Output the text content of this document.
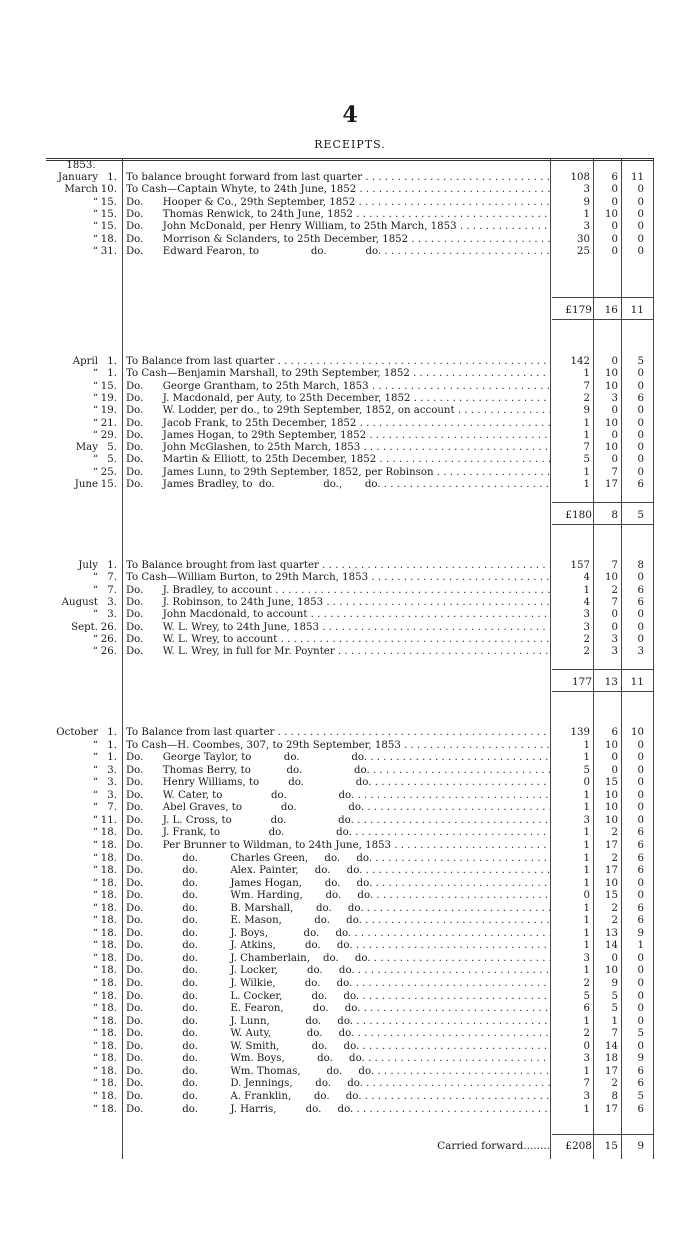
4
RECEIPTS.
1853.
January 1. To balance brought forward from last quarter . . .	108	6	11
March 10. To Cash—Captain Whyte, to 24th June, 1852 . . .	3	0	0
“ 15. Do.      Hooper & Co., 29th September, 1852 . . .	9	0	0
“ 15. Do.      Thomas Renwick, to 24th June, 1852 . . .	1	10	0
“ 15. Do.      John McDonald, per Henry William, to 25th March, 1853 . . .	3	0	0
“ 18. Do.      Morrison & Sclanders, to 25th December, 1852 . . .	30	0	0
“ 31. Do.      Edward Fearon, to                do.            do. . . .	25	0	0
£179	16	11
April 1. To Balance from last quarter . . .	142	0	5
“ 1. To Cash—Benjamin Marshall, to 29th September, 1852 . . .	1	10	0
“ 15. Do.      George Grantham, to 25th March, 1853 . . .	7	10	0
“ 19. Do.      J. Macdonald, per Auty, to 25th December, 1852 . . .	2	3	6
“ 19. Do.      W. Lodder, per do., to 29th September, 1852, on account . . .	9	0	0
“ 21. Do.      Jacob Frank, to 25th December, 1852 . . .	1	10	0
“ 29. Do.      James Hogan, to 29th September, 1852 . . .	1	0	0
May 5. Do.      John McGlashen, to 25th March, 1853 . . .	7	10	0
“ 5. Do.      Martin & Elliott, to 25th December, 1852 . . .	5	0	0
“ 25. Do.      James Lunn, to 29th September, 1852, per Robinson . . .	1	7	0
June 15. Do.      James Bradley, to  do.               do.,       do. . . .	1	17	6
£180	8	5
July 1. To Balance brought from last quarter . . .	157	7	8
“ 7. To Cash—William Burton, to 29th March, 1853 . . .	4	10	0
“ 7. Do.      J. Bradley, to account . . .	1	2	6
August 3. Do.      J. Robinson, to 24th June, 1853 . . .	4	7	6
“ 3. Do.      John Macdonald, to account . . .	3	0	0
Sept. 26. Do.      W. L. Wrey, to 24th June, 1853 . . .	3	0	0
“ 26. Do.      W. L. Wrey, to account . . .	2	3	0
“ 26. Do.      W. L. Wrey, in full for Mr. Poynter . . .	2	3	3
177	13	11
October 1. To Balance from last quarter . . .	139	6	10
“ 1. To Cash—H. Coombes, 307, to 29th September, 1853 . . .	1	10	0
“ 1. Do.      George Taylor, to          do.                do. . . .	1	0	0
“ 3. Do.      Thomas Berry, to           do.                do. . . .	5	0	0
“ 3. Do.      Henry Williams, to         do.                do. . . .	0	15	0
“ 3. Do.      W. Cater, to               do.                do. . . .	1	10	0
“ 7. Do.      Abel Graves, to            do.                do. . . .	1	10	0
“ 11. Do.      J. L. Cross, to            do.                do. . . .	3	10	0
“ 18. Do.      J. Frank, to               do.                do. . . .	1	2	6
“ 18. Do.      Per Brunner to Wildman, to 24th June, 1853 . . .	1	17	6
“ 18. Do.            do.          Charles Green,     do.     do. . . .	1	2	6
“ 18. Do.            do.          Alex. Painter,     do.     do. . . .	1	17	6
“ 18. Do.            do.          James Hogan,       do.     do. . . .	1	10	0
“ 18. Do.            do.          Wm. Harding,       do.     do. . . .	0	15	0
“ 18. Do.            do.          B. Marshall,       do.     do. . . .	1	2	6
“ 18. Do.            do.          E. Mason,          do.     do. . . .	1	2	6
“ 18. Do.            do.          J. Boys,           do.     do. . . .	1	13	9
“ 18. Do.            do.          J. Atkins,         do.     do. . . .	1	14	1
“ 18. Do.            do.          J. Chamberlain,    do.     do. . . .	3	0	0
“ 18. Do.            do.          J. Locker,         do.     do. . . .	1	10	0
“ 18. Do.            do.          J. Wilkie,         do.     do. . . .	2	9	0
“ 18. Do.            do.          L. Cocker,         do.     do. . . .	5	5	0
“ 18. Do.            do.          E. Fearon,         do.     do. . . .	6	5	0
“ 18. Do.            do.          J. Lunn,           do.     do. . . .	1	1	0
“ 18. Do.            do.          W. Auty,           do.     do. . . .	2	7	5
“ 18. Do.            do.          W. Smith,          do.     do. . . .	0	14	0
“ 18. Do.            do.          Wm. Boys,          do.     do. . . .	3	18	9
“ 18. Do.            do.          Wm. Thomas,        do.     do. . . .	1	17	6
“ 18. Do.            do.          D. Jennings,       do.     do. . . .	7	2	6
“ 18. Do.            do.          A. Franklin,       do.     do. . . .	3	8	5
“ 18. Do.            do.          J. Harris,         do.     do. . . .	1	17	6
£208	15	9
Carried forward........
